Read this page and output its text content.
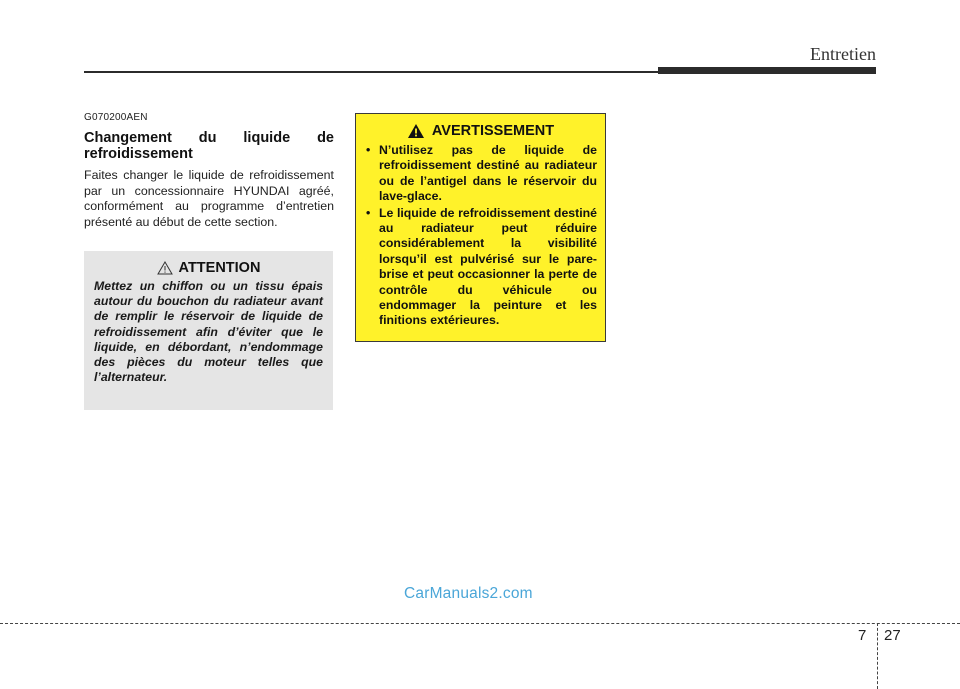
Entretien
G070200AEN
Changement du liquide de refroidissement

Faites changer le liquide de refroidissement par un concessionnaire HYUNDAI agréé, conformément au programme d’entretien présenté au début de cette section.

ATTENTION

Mettez un chiffon ou un tissu épais autour du bouchon du radiateur avant de remplir le réservoir de liquide de refroidissement afin d’éviter que le liquide, en débordant, n’endommage des pièces du moteur telles que l’alternateur.

AVERTISSEMENT
• N’utilisez pas de liquide de refroidissement destiné au radiateur ou de l’antigel dans le réservoir du lave-glace.
• Le liquide de refroidissement destiné au radiateur peut réduire considérablement la visibilité lorsqu’il est pulvérisé sur le pare-brise et peut occasionner la perte de contrôle du véhicule ou endommager la peinture et les finitions extérieures.
CarManuals2.com
7 27
